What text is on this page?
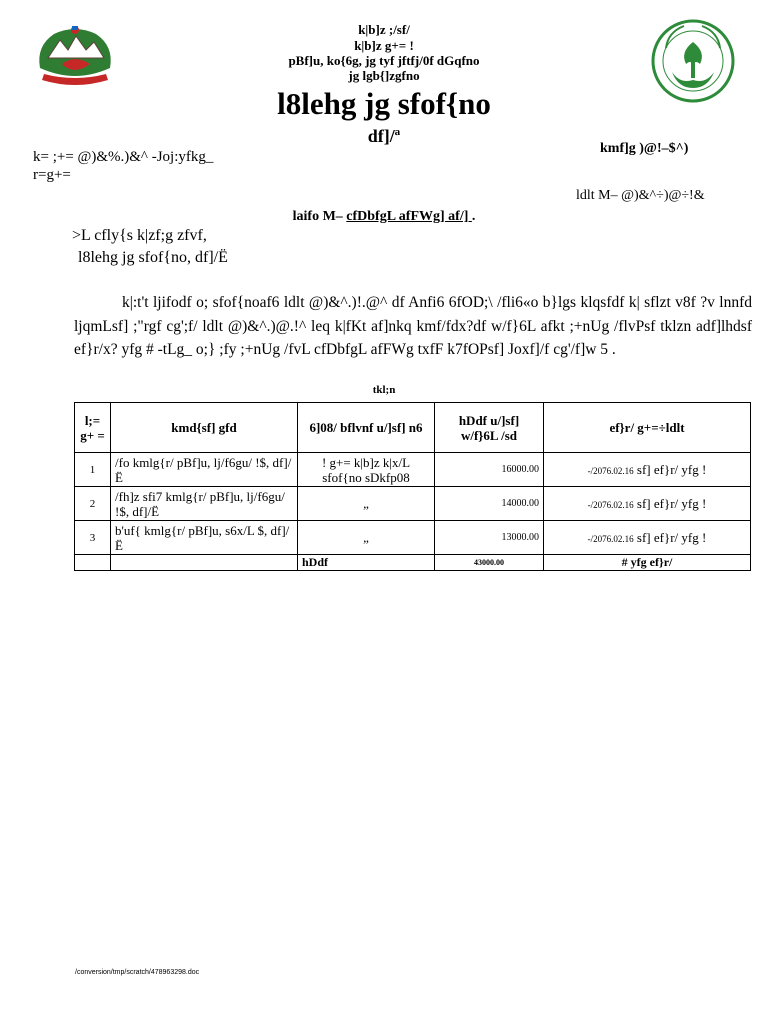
k|b]z ;/sf/
k|b]z g+= !
pBf]u, ko{6g, jg tyf jftfj/0f dGqfno
jg lgb{]zgfno
l8lehg jg sfof{no
df]/ª
k= ;+= @)&%.)&^ -Joj:yfkg_
r=g+=
kmf]g )@!–$^)
ldlt M– @)&^÷)@÷!&
laifo M– cfDbfgL afFWg] af/] .
>L cfly{s k|zf;g zfvf,
l8lehg jg sfof{no, df]/Ë
k|:t't ljifodf o; sfof{noaf6 ldlt @)&^.)!.@^ df Anfi6 6fOD;\ /fli6«o b}lgs klqsfdf k| sflzt v8f ?v lnnfd ljqmLsf] ;"rgf cg';f/ ldlt @)&^.)@.!^ leq k|fKt af]nkq kmf/fdx?df w/f}6L afkt ;+nUg /flvPsf tklzn adf]lhdsf ef}r/x? yfg # -tLg_ o;} ;fy ;+nUg /fvL cfDbfgL afFWg txfF k7fOPsf] Joxf]/f cg'/f]w 5 .
tkl;n
l;= g+ =	kmd{sf] gfd	6]08/ bflvnf u/]sf] n6	hDdf u/]sf] w/f}6L /sd	ef}r/ g+=÷ldlt
1	/fo kmlg{r/ pBf]u, lj/f6gu/ !$, df]/Ë	! g+= k|b]z k|x/L sfof{no sDkfp08	16000.00	-/2076.02.16 sf] ef}r/ yfg !
2	/fh]z sfi7 kmlg{r/ pBf]u, lj/f6gu/ !$, df]/Ë	„	14000.00	-/2076.02.16 sf] ef}r/ yfg !
3	b'uf{ kmlg{r/ pBf]u, s6x/L $, df]/Ë	„	13000.00	-/2076.02.16 sf] ef}r/ yfg !
		hDdf	43000.00	# yfg ef}r/
/conversion/tmp/scratch/478963298.doc
